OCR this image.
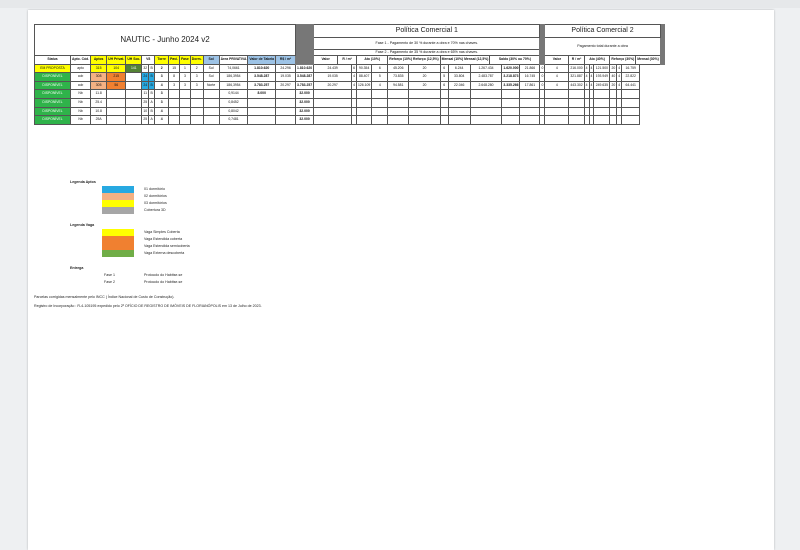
NAUTIC - Junho 2024 v2																Política Comercial 1														Política Comercial 2									
																Fase 1 - Pagamento de 30 % durante a obra e 70% nas chaves.														Pagamento total durante a obra									
																Fase 2 - Pagamento de 35 % durante a obra e 65% nas chaves.																							
Status	Apto. Cód.	Aptos	UH Privat.	UH Soc.	V8		Torre	Pavi.	Fase	Dorm.	Sol	Área PRIVATIVA	Valor de Tabela	R$ / m²		Valor	R / m²		Ato (10%)		Reforço (10%) Reforço (12,5%)		Mensal (10%) Mensal (12,5%)			Saldo (30% ou 70%)				Valor	R / m²	Ato (40%)			Reforço (30%)			Mensal (30%)	
EM PROPOSTA	apto	315	104	141	32	B	2	15	1	2	Sul	74,0661	1.810.620	24.296	1.810.620	24.439		6	90.354	6	45.206	20	6	6.244	1.267.434		1.620.000	21.866	0	4	216.000	4	4	121.500	20	4	16.759		
DISPONÍVEL	cob	308	215		24	B	3	8	3	3	Sul	186,3954	3.548.287	19.035	3.548.287	19.035		4	88.407	5	73.835	20	5	33.804	2.483.787		3.218.873	16.745	0	4	321.887	4	4	193.949	40	4	22.822		
DISPONÍVEL	cob	305	56		24	B	4	3	3	3	Norte	186,3954	3.783.257	20.297	3.783.257	20.297		4	126.109	4	94.581	20	6	22.046	2.648.280		3.335.266	17.861	0	4	443.302	4	4	249.635	20	4	64.441		
DISPONÍVEL	Nb	11.8			11	B	3					0,9144	8.000		32.000																								
DISPONÍVEL	Nb	25.4			25	A	3					0,8452			32.000																								
DISPONÍVEL	Nb	10.8			10	B	4					0,8042			32.000																								
DISPONÍVEL	Nb	25A			25	A	4					0,7481			32.000																								
Legenda Aptos
01 dormitório
02 dormitórios
03 dormitórios
Cobertura 3D
Legenda Vaga
Vaga Simples Coberta
Vaga Estendida coberta
Vaga Estendida semicoberta
Vaga Externa descoberta
Entrega
Fase 1	Protocolo do Habitse-se
Fase 2	Protocolo do Habitse-se
Parcelas corrigidas mensalmente pelo INCC ( Índice Nacional de Custo de Construção).
Registro de Incorporação : R-4-105195 expedido pelo 2º OFÍCIO DE REGISTRO DE IMÓVEIS DE FLORIANÓPOLIS em 13 de Julho de 2023.
